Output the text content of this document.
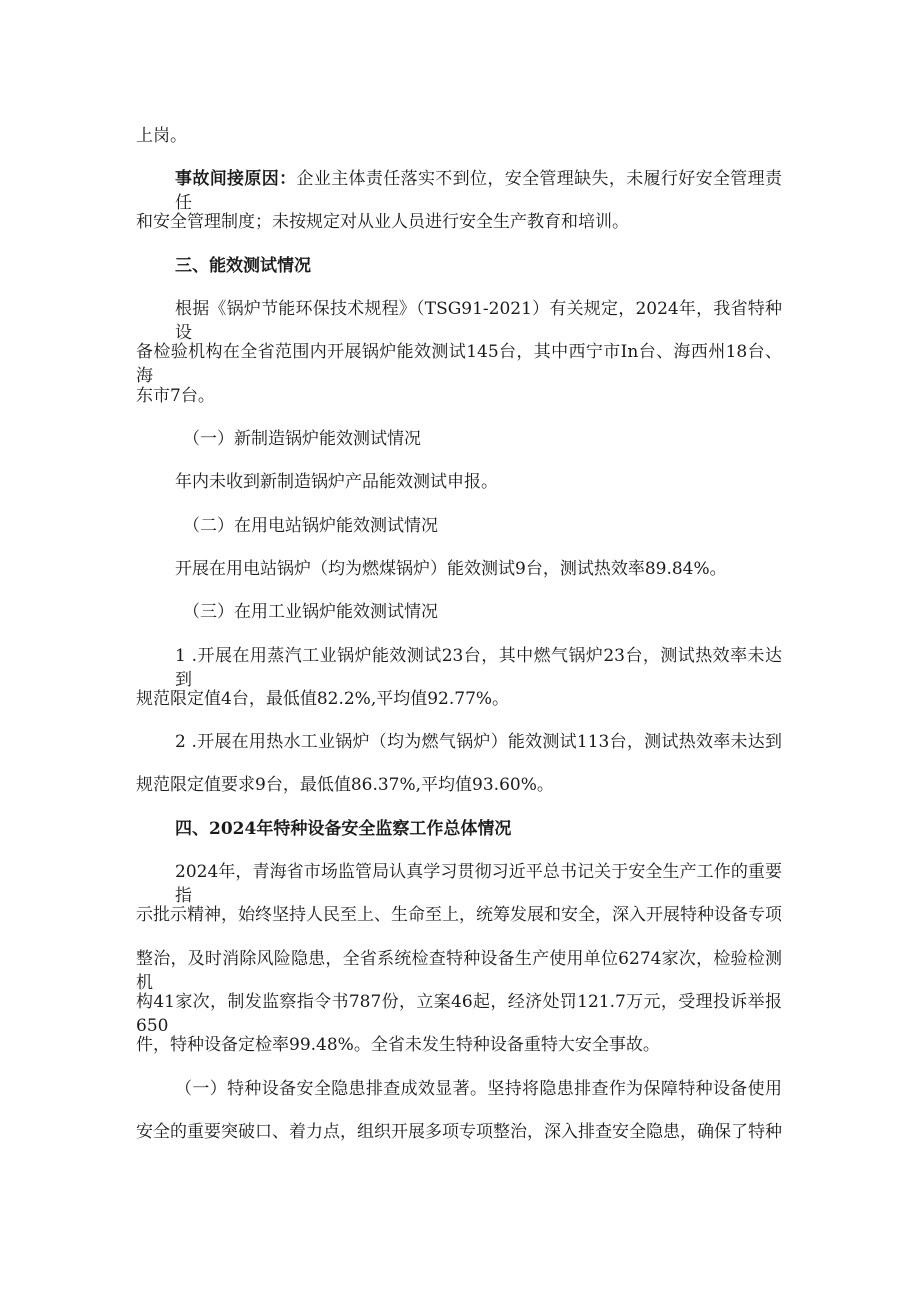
上岗。
事故间接原因：企业主体责任落实不到位，安全管理缺失，未履行好安全管理责任
和安全管理制度；未按规定对从业人员进行安全生产教育和培训。
三、能效测试情况
根据《锅炉节能环保技术规程》（TSG91-2021）有关规定，2024年，我省特种设
备检验机构在全省范围内开展锅炉能效测试145台，其中西宁市In台、海西州18台、海
东市7台。
（一）新制造锅炉能效测试情况
年内未收到新制造锅炉产品能效测试申报。
（二）在用电站锅炉能效测试情况
开展在用电站锅炉（均为燃煤锅炉）能效测试9台，测试热效率89.84%。
（三）在用工业锅炉能效测试情况
1 .开展在用蒸汽工业锅炉能效测试23台，其中燃气锅炉23台，测试热效率未达到
规范限定值4台，最低值82.2%,平均值92.77%。
2 .开展在用热水工业锅炉（均为燃气锅炉）能效测试113台，测试热效率未达到
规范限定值要求9台，最低值86.37%,平均值93.60%。
四、2024年特种设备安全监察工作总体情况
2024年，青海省市场监管局认真学习贯彻习近平总书记关于安全生产工作的重要指
示批示精神，始终坚持人民至上、生命至上，统筹发展和安全，深入开展特种设备专项
整治，及时消除风险隐患，全省系统检查特种设备生产使用单位6274家次，检验检测机
构41家次，制发监察指令书787份，立案46起，经济处罚121.7万元，受理投诉举报650
件，特种设备定检率99.48%。全省未发生特种设备重特大安全事故。
（一）特种设备安全隐患排查成效显著。坚持将隐患排查作为保障特种设备使用
安全的重要突破口、着力点，组织开展多项专项整治，深入排查安全隐患，确保了特种
